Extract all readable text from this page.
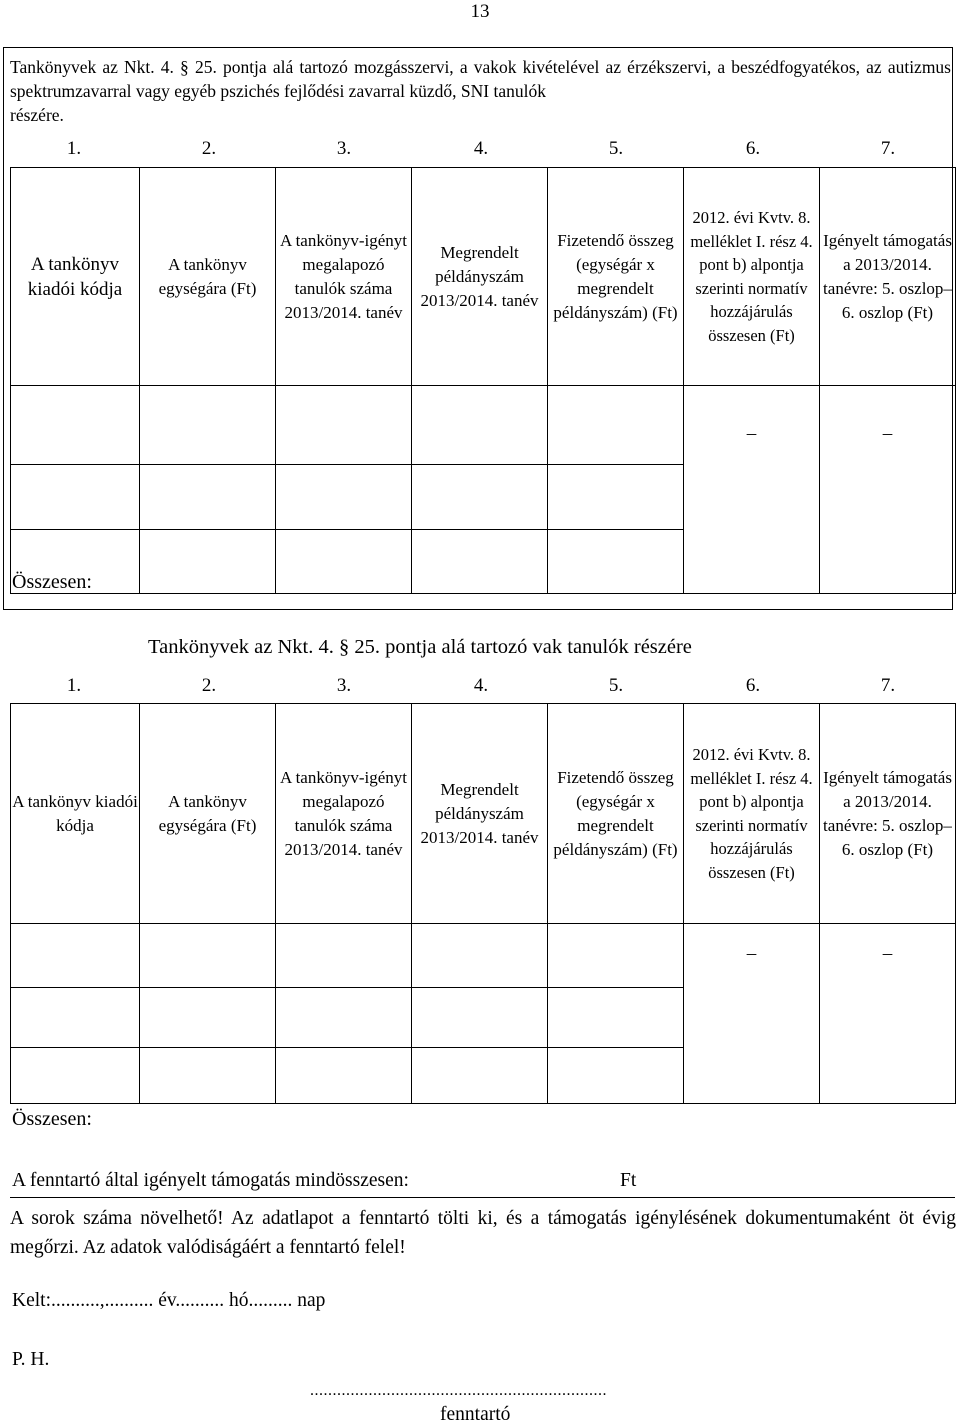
13
Tankönyvek az Nkt. 4. § 25. pontja alá tartozó mozgásszervi, a vakok kivételével az érzékszervi, a beszédfogyatékos, az autizmus spektrumzavarral vagy egyéb pszichés fejlődési zavarral küzdő, SNI tanulók
részére.
1.	2.	3.	4.	5.	6.	7.
A tankönyv kiadói kódja	A tankönyv egységára (Ft)	A tankönyv-igényt megalapozó tanulók száma 2013/2014. tanév	Megrendelt példányszám 2013/2014. tanév	Fizetendő összeg (egységár x megrendelt példányszám) (Ft)	2012. évi Kvtv. 8. melléklet I. rész 4. pont b) alpontja szerinti normatív hozzájárulás összesen (Ft)	Igényelt támogatás a 2013/2014. tanévre: 5. oszlop–6. oszlop (Ft)
					–	–

Összesen:
Tankönyvek az Nkt. 4. § 25. pontja alá tartozó vak tanulók részére
1.	2.	3.	4.	5.	6.	7.
A tankönyv kiadói kódja	A tankönyv egységára (Ft)	A tankönyv-igényt megalapozó tanulók száma 2013/2014. tanév	Megrendelt példányszám 2013/2014. tanév	Fizetendő összeg (egységár x megrendelt példányszám) (Ft)	2012. évi Kvtv. 8. melléklet I. rész 4. pont b) alpontja szerinti normatív hozzájárulás összesen (Ft)	Igényelt támogatás a 2013/2014. tanévre: 5. oszlop–6. oszlop (Ft)
					–	–

Összesen:
A fenntartó által igényelt támogatás mindösszesen:	Ft
A sorok száma növelhető! Az adatlapot a fenntartó tölti ki, és a támogatás igénylésének dokumentumaként öt évig megőrzi. Az adatok valódiságáért a fenntartó felel!
Kelt:..........,.......... év.......... hó......... nap
P. H.
..................................................................
fenntartó
